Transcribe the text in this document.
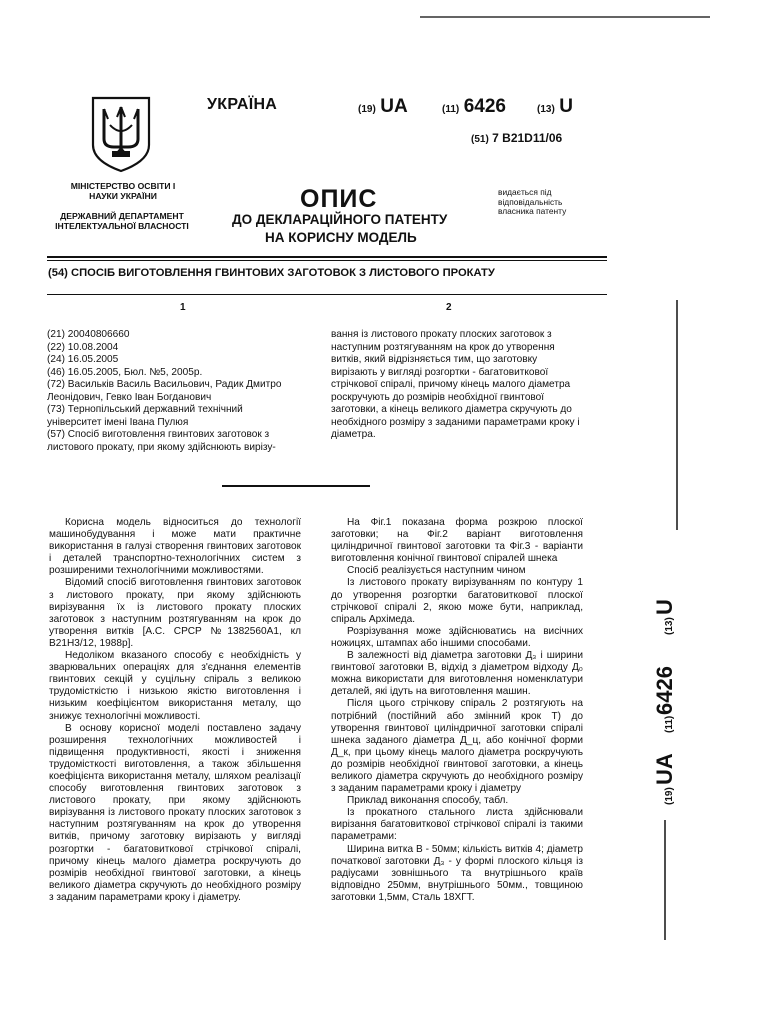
МІНІСТЕРСТВО ОСВІТИ І НАУКИ УКРАЇНИ
ДЕРЖАВНИЙ ДЕПАРТАМЕНТ ІНТЕЛЕКТУАЛЬНОЇ ВЛАСНОСТІ
УКРАЇНА	(19) UA	(11) 6426	(13) U
(51) 7 B21D11/06
ОПИС
ДО ДЕКЛАРАЦІЙНОГО ПАТЕНТУ
НА КОРИСНУ МОДЕЛЬ
видається під відповідальність власника патенту
(54) СПОСІБ ВИГОТОВЛЕННЯ ГВИНТОВИХ ЗАГОТОВОК З ЛИСТОВОГО ПРОКАТУ
1	2

(21) 20040806660

(22) 10.08.2004

(24) 16.05.2005

(46) 16.05.2005, Бюл. №5, 2005р.

(72) Васильків Василь Васильович, Радик Дмитро Леонідович, Гевко Іван Богданович

(73) Тернопільський державний технічний університет імені Івана Пулюя

(57) Спосіб виготовлення гвинтових заготовок з листового прокату, при якому здійснюють вирізу-

вання із листового прокату плоских заготовок з наступним розтягуванням на крок до утворення витків, який відрізняється тим, що заготовку вирізають у вигляді розгортки - багатовиткової стрічкової спіралі, причому кінець малого діаметра роскручують до розмірів необхідної гвинтової заготовки, а кінець великого діаметра скручують до необхідного розміру з заданими параметрами кроку і діаметра.

Корисна модель відноситься до технології машинобудування і може мати практичне використання в галузі створення гвинтових заготовок і деталей транспортно-технологічних систем з розширеними технологічними можливостями.

Відомий спосіб виготовлення гвинтових заготовок з листового прокату, при якому здійснюють вирізування їх із листового прокату плоских заготовок з наступним розтягуванням на крок до утворення витків [А.С. СРСР №1382560А1, кл B21Н3/12, 1988р].

Недоліком вказаного способу є необхідність у зварювальних операціях для з'єднання елементів гвинтових секцій у суцільну спіраль з великою трудомісткістю і низькою якістю виготовлення і низьким коефіцієнтом використання металу, що знижує технологічні можливості.

В основу корисної моделі поставлено задачу розширення технологічних можливостей і підвищення продуктивності, якості і зниження трудомісткості виготовлення, а також збільшення коефіцієнта використання металу, шляхом реалізації способу виготовлення гвинтових заготовок з листового прокату, при якому здійснюють вирізування із листового прокату плоских заготовок з наступним розтягуванням на крок до утворення витків, причому заготовку вирізають у вигляді розгортки - багатовиткової стрічкової спіралі, причому кінець малого діаметра роскручують до розмірів необхідної гвинтової заготовки, а кінець великого діаметра скручують до необхідного розміру з заданим параметрами кроку і діаметру.

На Фіг.1 показана форма розкрою плоскої заготовки; на Фіг.2 варіант виготовлення циліндричної гвинтової заготовки та Фіг.3 - варіанти виготовлення конічної гвинтової спіралей шнека

Спосіб реалізується наступним чином

Із листового прокату вирізуванням по контуру 1 до утворення розгортки багатовиткової плоскої стрічкової спіралі 2, якою може бути, наприклад, спіраль Архімеда.

Розрізування може здійснюватись на висічних ножицях, штампах або іншими способами.

В залежності від діаметра заготовки Д₃ і ширини гвинтової заготовки В, відхід з діаметром відходу Д₀ можна використати для виготовлення номенклатури деталей, які ідуть на виготовлення машин.

Після цього стрічкову спіраль 2 розтягують на потрібний (постійний або змінний крок Т) до утворення гвинтової циліндричної заготовки спіралі шнека заданого діаметра Д_ц, або конічної форми Д_к, при цьому кінець малого діаметра роскручують до розмірів необхідної гвинтової заготовки, а кінець великого діаметра скручують до необхідного розміру з заданим параметрами кроку і діаметру

Приклад виконання способу, табл.

Із прокатного стального листа здійснювали вирізання багатовиткової стрічкової спіралі із такими параметрами:

Ширина витка В - 50мм; кількість витків 4; діаметр початкової заготовки Д₃ - у формі плоского кільця із радіусами зовнішнього та внутрішнього країв відповідно 250мм, внутрішнього 50мм., товщиною заготовки 1,5мм, Сталь 18ХГТ.

(19)
UA
(11)
6426
(13)
U
